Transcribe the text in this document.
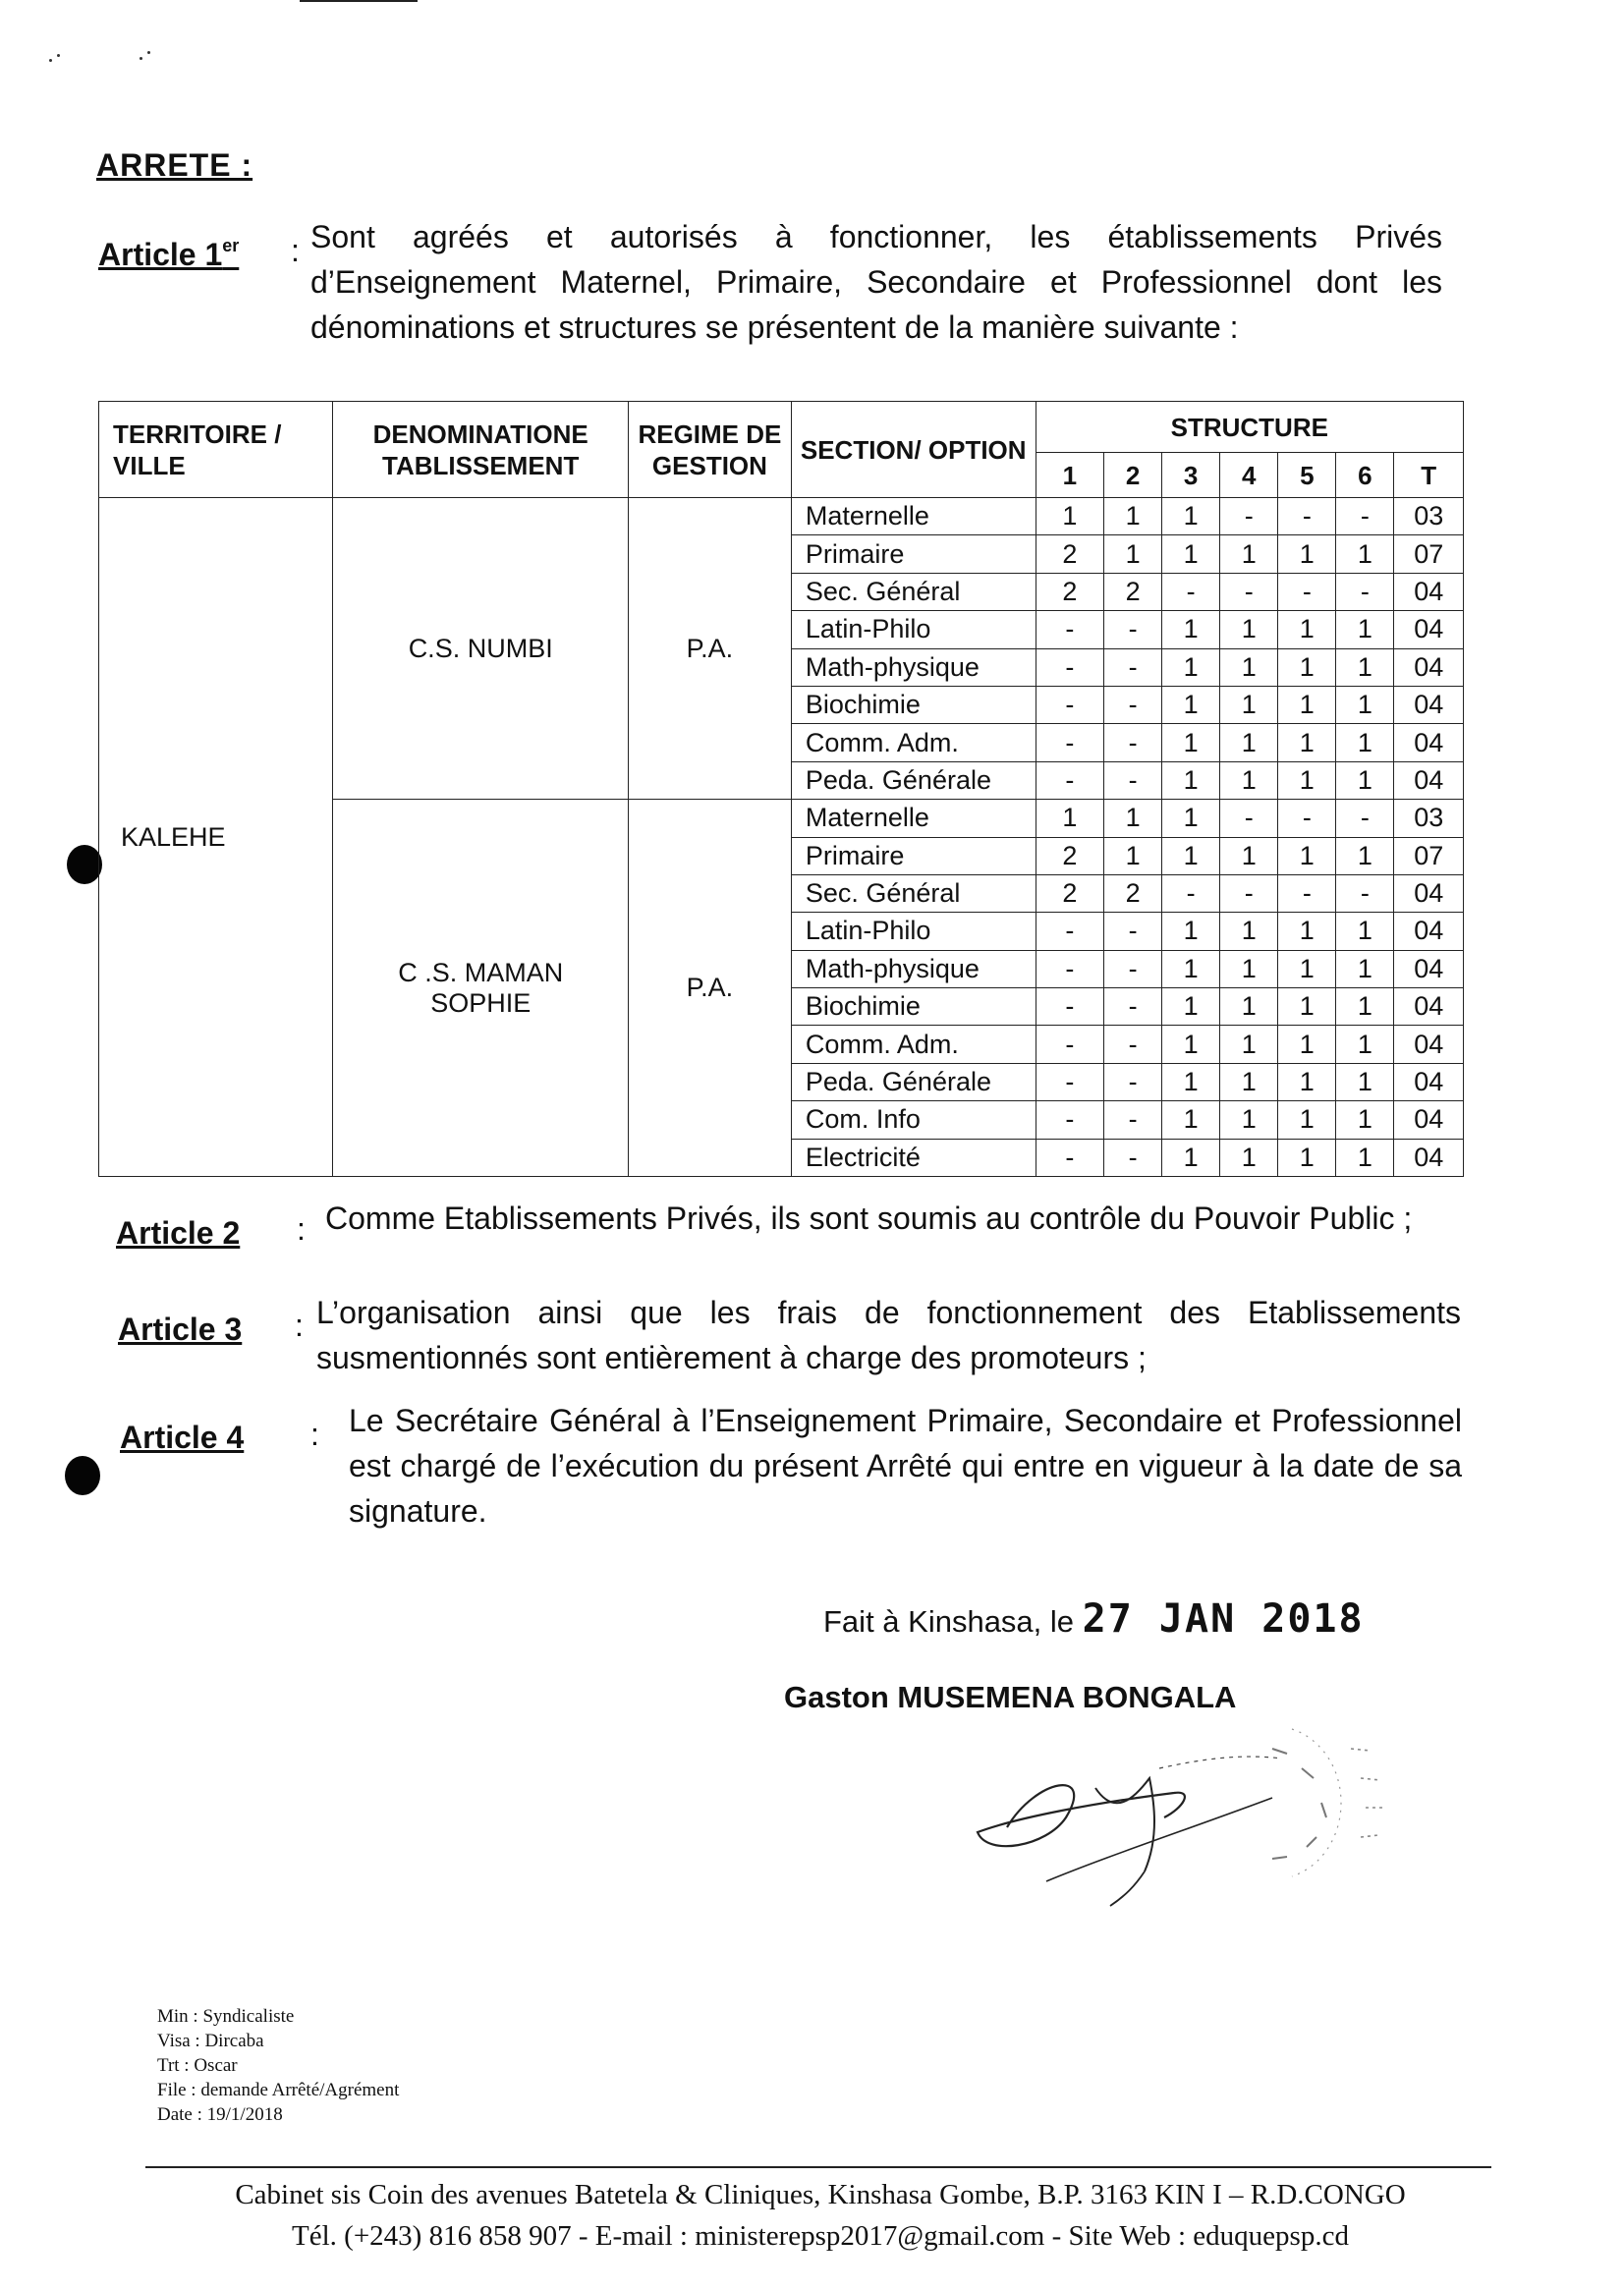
ARRETE :
Article 1er : Sont agréés et autorisés à fonctionner, les établissements Privés d’Enseignement Maternel, Primaire, Secondaire et Professionnel dont les dénominations et structures se présentent de la manière suivante :
TERRITOIRE / VILLE	DENOMINATIONE TABLISSEMENT	REGIME DE GESTION	SECTION/ OPTION	STRUCTURE						
				1	2	3	4	5	6	T
KALEHE	C.S. NUMBI	P.A.	Maternelle	1	1	1	-	-	-	03
			Primaire	2	1	1	1	1	1	07
			Sec. Général	2	2	-	-	-	-	04
			Latin-Philo	-	-	1	1	1	1	04
			Math-physique	-	-	1	1	1	1	04
			Biochimie	-	-	1	1	1	1	04
			Comm. Adm.	-	-	1	1	1	1	04
			Peda. Générale	-	-	1	1	1	1	04
	C .S. MAMAN SOPHIE	P.A.	Maternelle	1	1	1	-	-	-	03
			Primaire	2	1	1	1	1	1	07
			Sec. Général	2	2	-	-	-	-	04
			Latin-Philo	-	-	1	1	1	1	04
			Math-physique	-	-	1	1	1	1	04
			Biochimie	-	-	1	1	1	1	04
			Comm. Adm.	-	-	1	1	1	1	04
			Peda. Générale	-	-	1	1	1	1	04
			Com. Info	-	-	1	1	1	1	04
			Electricité	-	-	1	1	1	1	04
Article 2 : Comme Etablissements Privés, ils sont soumis au contrôle du Pouvoir Public ;
Article 3 : L’organisation ainsi que les frais de fonctionnement des Etablissements susmentionnés sont entièrement à charge des promoteurs ;
Article 4 : Le Secrétaire Général à l’Enseignement Primaire, Secondaire et Professionnel est chargé de l’exécution du présent Arrêté qui entre en vigueur à la date de sa signature.
Fait à Kinshasa, le 27 JAN 2018
Gaston MUSEMENA BONGALA
Min : Syndicaliste
Visa : Dircaba
Trt : Oscar
File : demande Arrêté/Agrément
Date : 19/1/2018
Cabinet sis Coin des avenues Batetela & Cliniques, Kinshasa Gombe, B.P. 3163 KIN I – R.D.CONGO
Tél. (+243) 816 858 907 - E-mail : ministerepsp2017@gmail.com - Site Web : eduquepsp.cd
